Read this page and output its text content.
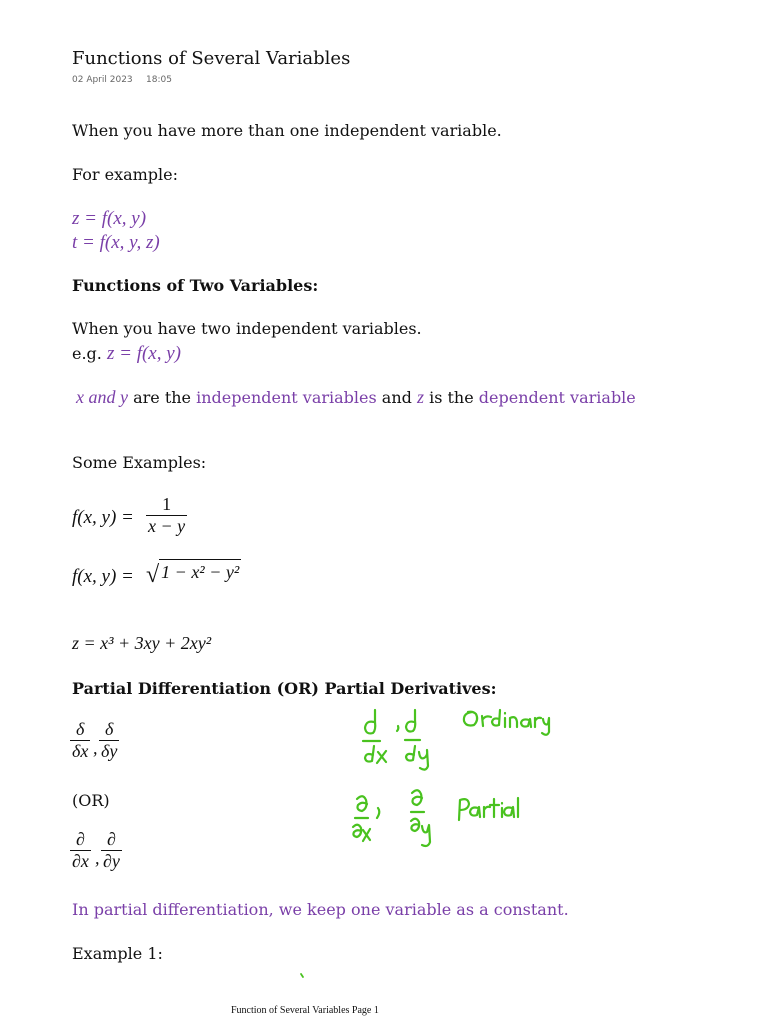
Functions of Several Variables
02 April 2023 18:05
When you have more than one independent variable.
For example:
z = f(x, y)
t = f(x, y, z)
Functions of Two Variables:
When you have two independent variables.
e.g. z = f(x, y)
x and y are the independent variables and z is the dependent variable
Some Examples:
f(x, $y) = \frac{1}{x - y}$
f(x, y) = √ 1 − x² − y²
z = x³ + 3xy + 2xy²
Partial Differentiation (OR) Partial Derivatives:
$\frac{\delta}{\delta x}$ , $\frac{\delta}{\delta y}$
(OR)
∂
∂x ,
∂
∂y
In partial differentiation, we keep one variable as a constant.
Example 1:
Function of Several Variables Page 1
